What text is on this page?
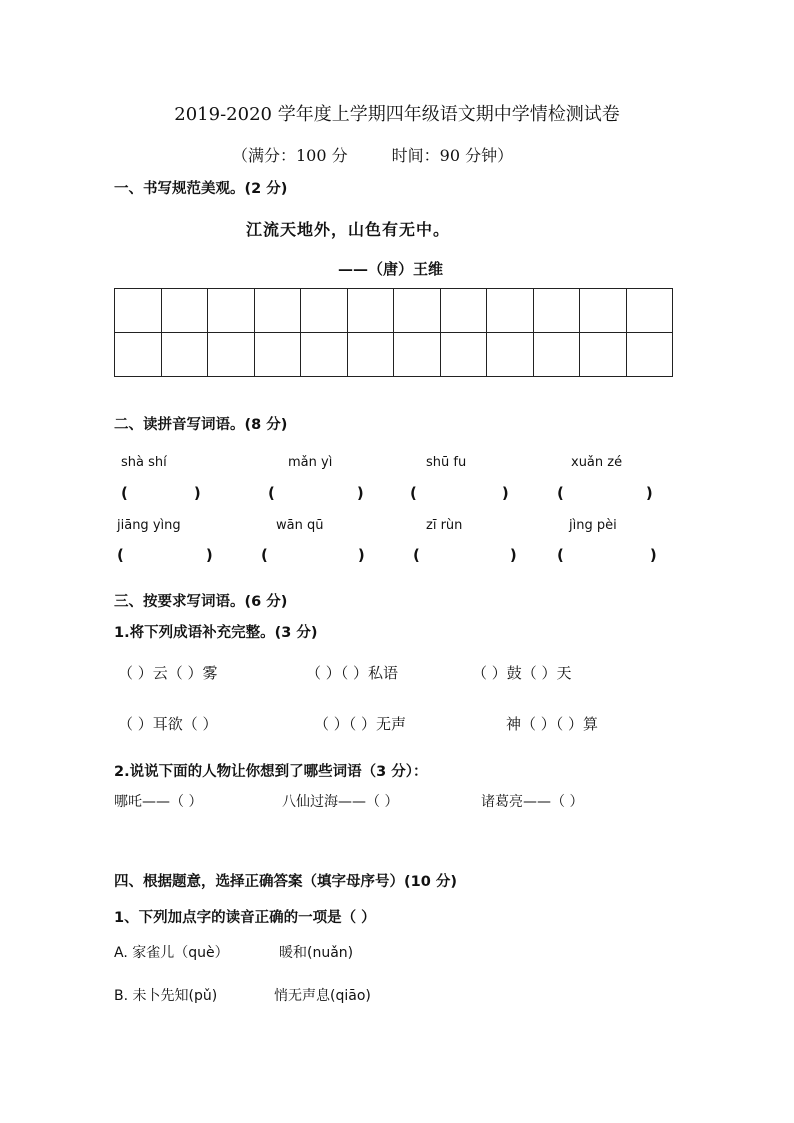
2019-2020 学年度上学期四年级语文期中学情检测试卷
（满分：100 分	时间：90 分钟）
一、书写规范美观。(2 分)
江流天地外，山色有无中。
——（唐）王维

二、读拼音写词语。(8 分)
shà shí	mǎn yì	shū fu	xuǎn zé
(	)	(	)	(	)	(	)
jiāng yìng	wān qū	zī rùn	jìng pèi
(	)	(	)	(	)	(	)
三、按要求写词语。(6 分)
1.将下列成语补充完整。(3 分)
（ ）云（ ）雾	（ ）（ ）私语	（ ）鼓（ ）天
（ ）耳欲（ ）	（ ）（ ）无声	神（ ）（ ）算
2.说说下面的人物让你想到了哪些词语（3 分）：
哪吒——（ ）	八仙过海——（ ）	诸葛亮——（ ）
四、根据题意，选择正确答案（填字母序号）(10 分)
1、下列加点字的读音正确的一项是（ ）
A. 家雀儿（què）	暖和(nuǎn)
B. 未卜先知(pǔ)	悄无声息(qiāo)
